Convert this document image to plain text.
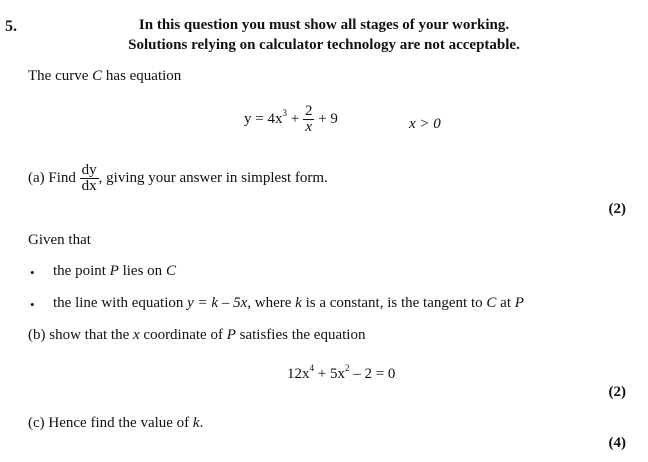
5.	In this question you must show all stages of your working.
Solutions relying on calculator technology are not acceptable.
The curve C has equation
$y = 4x^3 + \frac{2}{x} + 9$	x > 0
(a) Find $\frac{dy}{dx}$ , giving your answer in simplest form.
(2)
Given that
• the point P lies on C
• the line with equation y = k – 5x, where k is a constant, is the tangent to C at P
(b) show that the x coordinate of P satisfies the equation
$12x^4 + 5x^2 - 2 = 0$
(2)
(c) Hence find the value of k.
(4)
